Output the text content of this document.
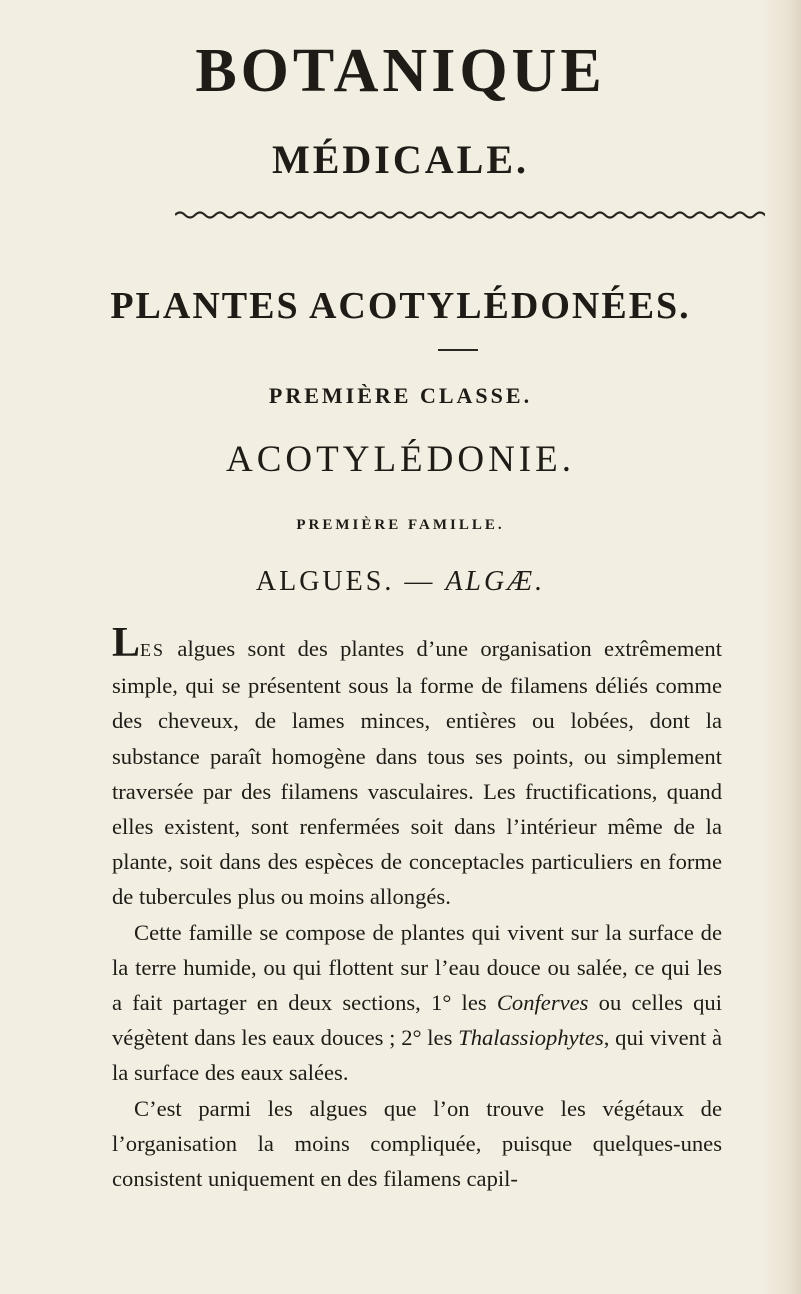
BOTANIQUE
MÉDICALE.
PLANTES ACOTYLÉDONÉES.
PREMIÈRE CLASSE.
ACOTYLÉDONIE.
PREMIÈRE FAMILLE.
ALGUES. — ALGÆ.

LES algues sont des plantes d’une organisation extrêmement simple, qui se présentent sous la forme de filamens déliés comme des cheveux, de lames minces, entières ou lobées, dont la substance paraît homogène dans tous ses points, ou simplement traversée par des filamens vasculaires. Les fructifications, quand elles existent, sont renfermées soit dans l’intérieur même de la plante, soit dans des espèces de conceptacles particuliers en forme de tubercules plus ou moins allongés.

Cette famille se compose de plantes qui vivent sur la surface de la terre humide, ou qui flottent sur l’eau douce ou salée, ce qui les a fait partager en deux sections, 1° les Conferves ou celles qui végètent dans les eaux douces ; 2° les Thalassiophytes, qui vivent à la surface des eaux salées.

C’est parmi les algues que l’on trouve les végétaux de l’organisation la moins compliquée, puisque quelques-unes consistent uniquement en des filamens capil-
